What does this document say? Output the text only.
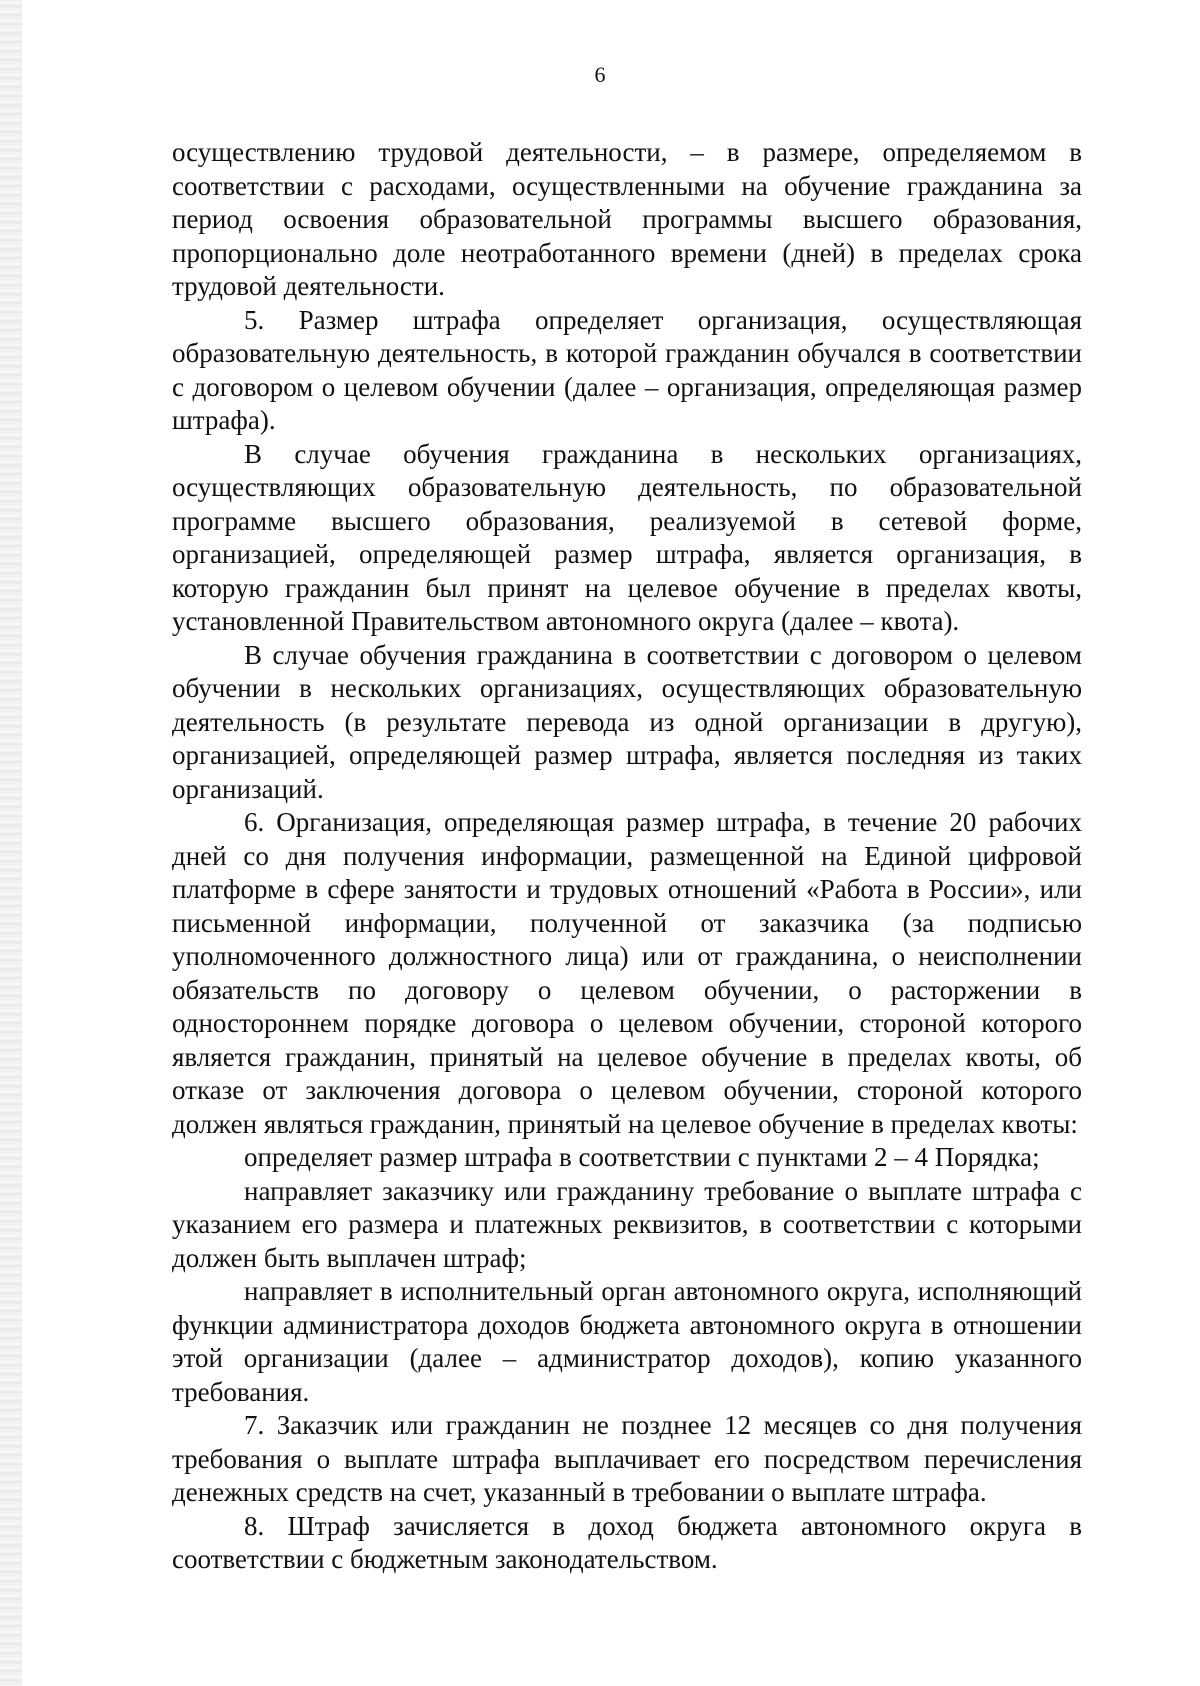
6

осуществлению трудовой деятельности, – в размере, определяемом в соответствии с расходами, осуществленными на обучение гражданина за период освоения образовательной программы высшего образования, пропорционально доле неотработанного времени (дней) в пределах срока трудовой деятельности.

5. Размер штрафа определяет организация, осуществляющая образовательную деятельность, в которой гражданин обучался в соответствии с договором о целевом обучении (далее – организация, определяющая размер штрафа).

В случае обучения гражданина в нескольких организациях, осуществляющих образовательную деятельность, по образовательной программе высшего образования, реализуемой в сетевой форме, организацией, определяющей размер штрафа, является организация, в которую гражданин был принят на целевое обучение в пределах квоты, установленной Правительством автономного округа (далее – квота).

В случае обучения гражданина в соответствии с договором о целевом обучении в нескольких организациях, осуществляющих образовательную деятельность (в результате перевода из одной организации в другую), организацией, определяющей размер штрафа, является последняя из таких организаций.

6. Организация, определяющая размер штрафа, в течение 20 рабочих дней со дня получения информации, размещенной на Единой цифровой платформе в сфере занятости и трудовых отношений «Работа в России», или письменной информации, полученной от заказчика (за подписью уполномоченного должностного лица) или от гражданина, о неисполнении обязательств по договору о целевом обучении, о расторжении в одностороннем порядке договора о целевом обучении, стороной которого является гражданин, принятый на целевое обучение в пределах квоты, об отказе от заключения договора о целевом обучении, стороной которого должен являться гражданин, принятый на целевое обучение в пределах квоты:

определяет размер штрафа в соответствии с пунктами 2 – 4 Порядка;

направляет заказчику или гражданину требование о выплате штрафа с указанием его размера и платежных реквизитов, в соответствии с которыми должен быть выплачен штраф;

направляет в исполнительный орган автономного округа, исполняющий функции администратора доходов бюджета автономного округа в отношении этой организации (далее – администратор доходов), копию указанного требования.

7. Заказчик или гражданин не позднее 12 месяцев со дня получения требования о выплате штрафа выплачивает его посредством перечисления денежных средств на счет, указанный в требовании о выплате штрафа.

8. Штраф зачисляется в доход бюджета автономного округа в соответствии с бюджетным законодательством.
